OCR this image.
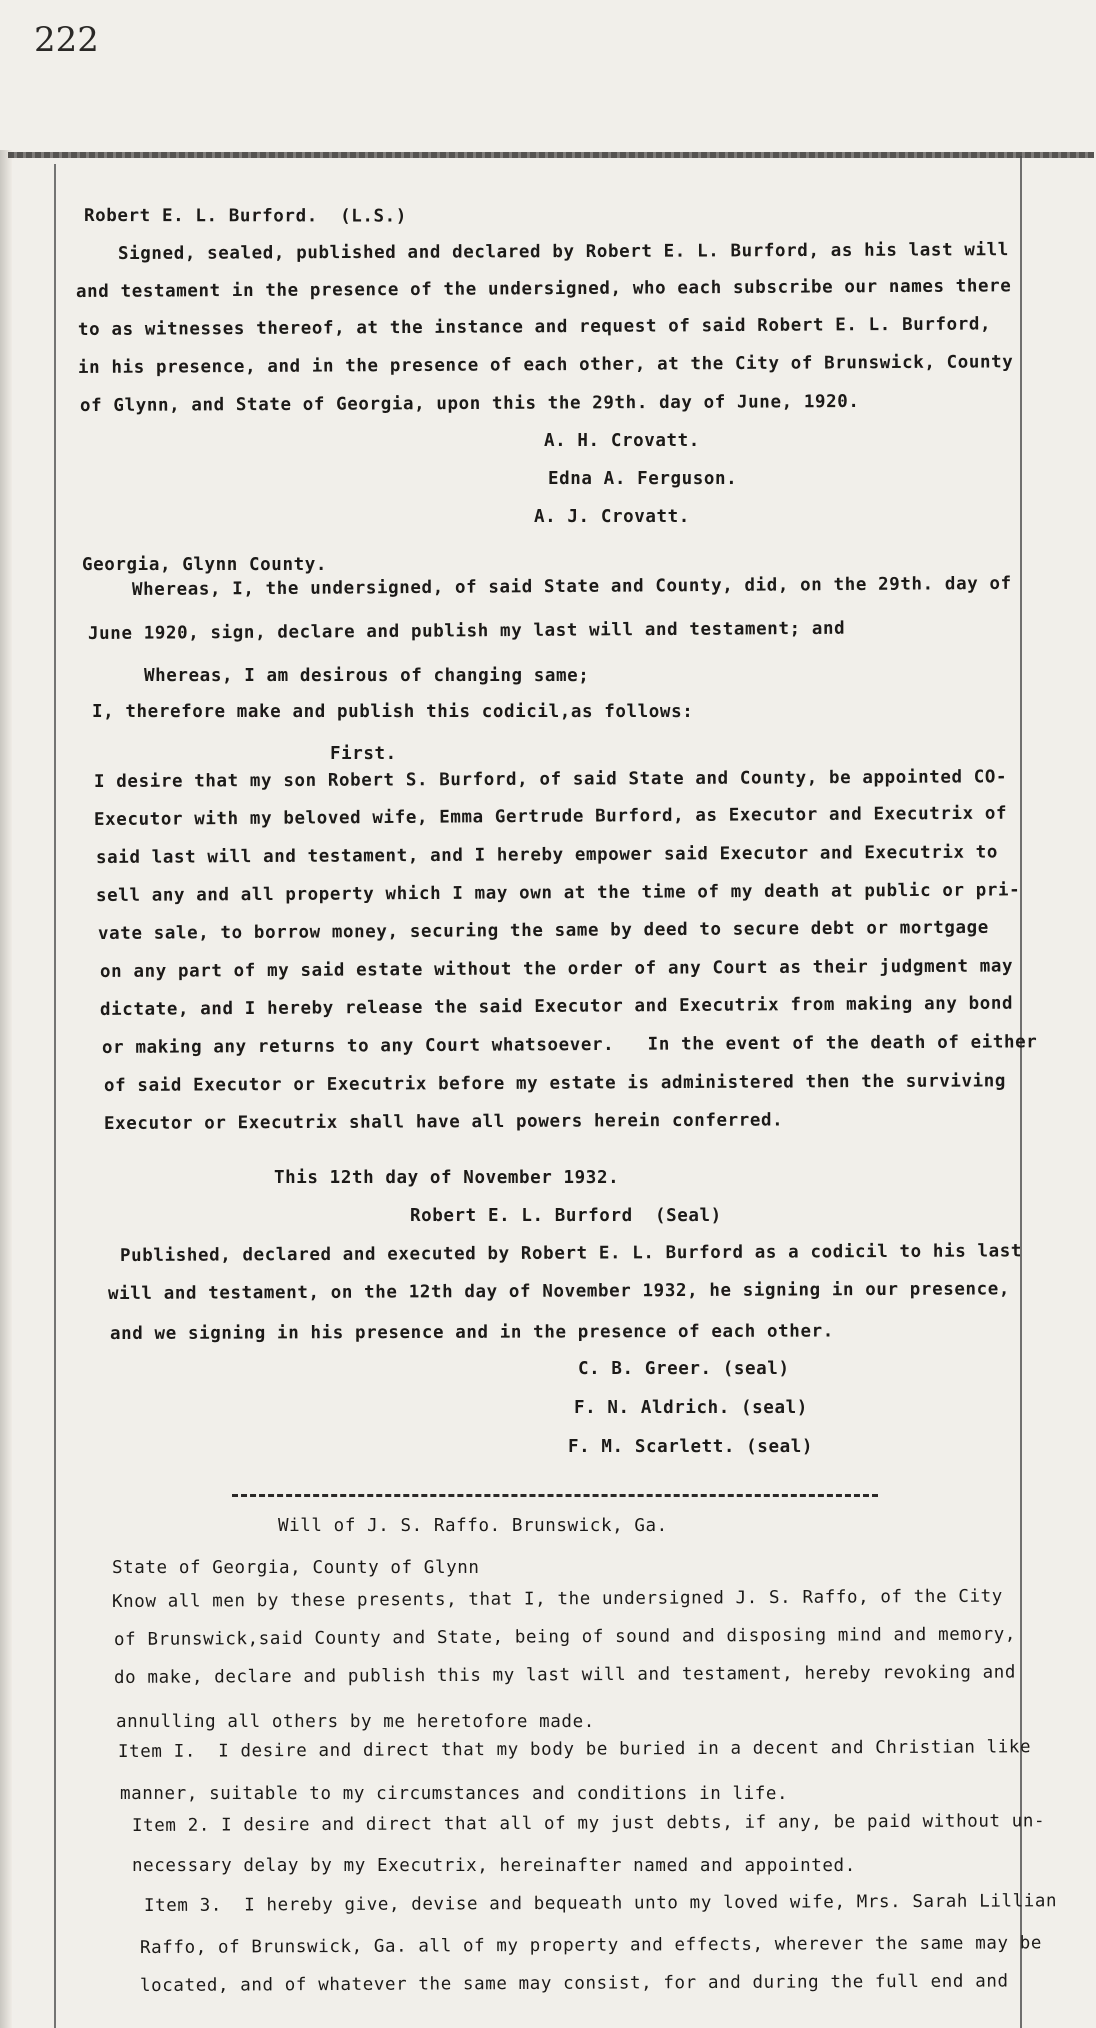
222
Robert E. L. Burford.  (L.S.)
Signed, sealed, published and declared by Robert E. L. Burford, as his last will
and testament in the presence of the undersigned, who each subscribe our names there
to as witnesses thereof, at the instance and request of said Robert E. L. Burford,
in his presence, and in the presence of each other, at the City of Brunswick, County
of Glynn, and State of Georgia, upon this the 29th. day of June, 1920.
A. H. Crovatt.
Edna A. Ferguson.
A. J. Crovatt.
Georgia, Glynn County.
Whereas, I, the undersigned, of said State and County, did, on the 29th. day of
June 1920, sign, declare and publish my last will and testament; and
Whereas, I am desirous of changing same;
I, therefore make and publish this codicil,as follows:
First.
I desire that my son Robert S. Burford, of said State and County, be appointed CO-
Executor with my beloved wife, Emma Gertrude Burford, as Executor and Executrix of
said last will and testament, and I hereby empower said Executor and Executrix to
sell any and all property which I may own at the time of my death at public or pri-
vate sale, to borrow money, securing the same by deed to secure debt or mortgage
on any part of my said estate without the order of any Court as their judgment may
dictate, and I hereby release the said Executor and Executrix from making any bond
or making any returns to any Court whatsoever.   In the event of the death of either
of said Executor or Executrix before my estate is administered then the surviving
Executor or Executrix shall have all powers herein conferred.
This 12th day of November 1932.
Robert E. L. Burford  (Seal)
Published, declared and executed by Robert E. L. Burford as a codicil to his last
will and testament, on the 12th day of November 1932, he signing in our presence,
and we signing in his presence and in the presence of each other.
C. B. Greer. (seal)
F. N. Aldrich. (seal)
F. M. Scarlett. (seal)
Will of J. S. Raffo. Brunswick, Ga.
State of Georgia, County of Glynn
Know all men by these presents, that I, the undersigned J. S. Raffo, of the City
of Brunswick,said County and State, being of sound and disposing mind and memory,
do make, declare and publish this my last will and testament, hereby revoking and
annulling all others by me heretofore made.
Item I.  I desire and direct that my body be buried in a decent and Christian like
manner, suitable to my circumstances and conditions in life.
Item 2. I desire and direct that all of my just debts, if any, be paid without un-
necessary delay by my Executrix, hereinafter named and appointed.
Item 3.  I hereby give, devise and bequeath unto my loved wife, Mrs. Sarah Lillian
Raffo, of Brunswick, Ga. all of my property and effects, wherever the same may be
located, and of whatever the same may consist, for and during the full end and
